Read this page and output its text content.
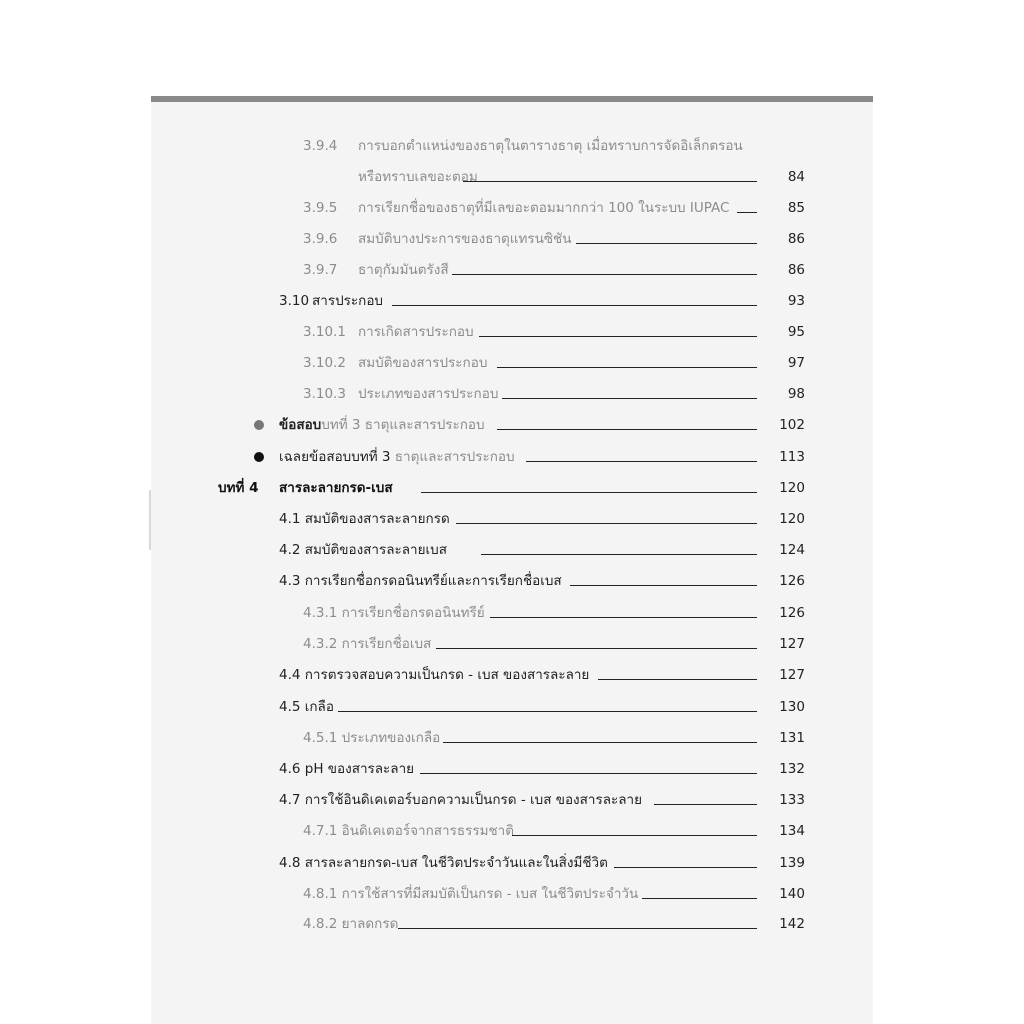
3.9.4 การบอกตำแหน่งของธาตุในตารางธาตุ เมื่อทราบการจัดอิเล็กตรอน
หรือทราบเลขอะตอม	84
3.9.5 การเรียกชื่อของธาตุที่มีเลขอะตอมมากกว่า 100 ในระบบ IUPAC	85
3.9.6 สมบัติบางประการของธาตุแทรนซิชัน	86
3.9.7 ธาตุกัมมันตรังสี	86
3.10 สารประกอบ	93
3.10.1 การเกิดสารประกอบ	95
3.10.2 สมบัติของสารประกอบ	97
3.10.3 ประเภทของสารประกอบ	98
ข้อสอบบทที่ 3 ธาตุและสารประกอบ	102
เฉลยข้อสอบบทที่ 3 ธาตุและสารประกอบ	113
บทที่ 4 สารละลายกรด-เบส	120
4.1 สมบัติของสารละลายกรด	120
4.2 สมบัติของสารละลายเบส	124
4.3 การเรียกชื่อกรดอนินทรีย์และการเรียกชื่อเบส	126
4.3.1 การเรียกชื่อกรดอนินทรีย์	126
4.3.2 การเรียกชื่อเบส	127
4.4 การตรวจสอบความเป็นกรด - เบส ของสารละลาย	127
4.5 เกลือ	130
4.5.1 ประเภทของเกลือ	131
4.6 pH ของสารละลาย	132
4.7 การใช้อินดิเคเตอร์บอกความเป็นกรด - เบส ของสารละลาย	133
4.7.1 อินดิเคเตอร์จากสารธรรมชาติ	134
4.8 สารละลายกรด-เบส ในชีวิตประจำวันและในสิ่งมีชีวิต	139
4.8.1 การใช้สารที่มีสมบัติเป็นกรด - เบส ในชีวิตประจำวัน	140
4.8.2 ยาลดกรด	142
